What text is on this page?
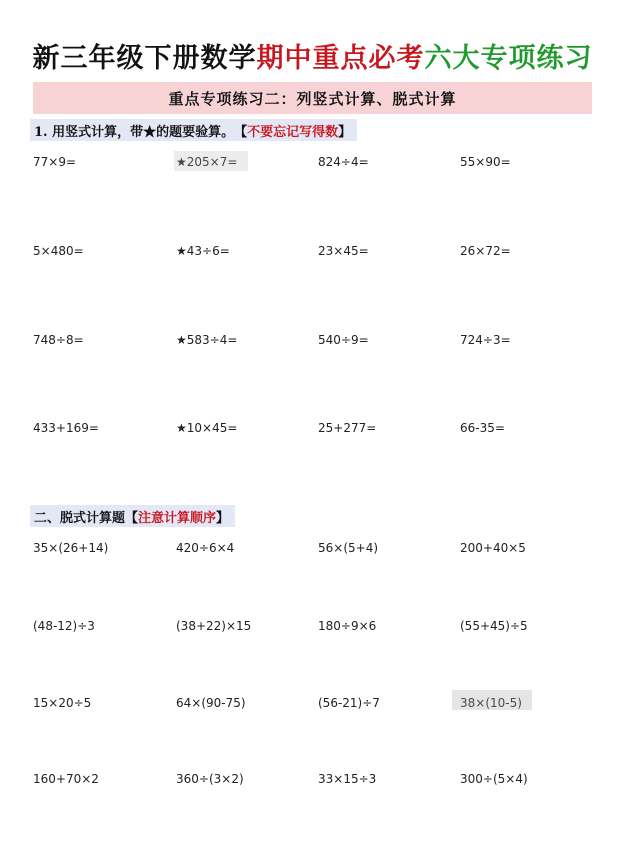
新三年级下册数学期中重点必考六大专项练习
重点专项练习二：列竖式计算、脱式计算
1. 用竖式计算，带★的题要验算。 【 不要忘记写得数 】
77×9=	★205×7=	824÷4=	55×90=
5×480=	★43÷6=	23×45=	26×72=
748÷8=	★583÷4=	540÷9=	724÷3=
433+169=	★10×45=	25+277=	66-35=
二、脱式计算题 【 注意计算顺序 】
35×(26+14)	420÷6×4	56×(5+4)	200+40×5
(48-12)÷3	(38+22)×15	180÷9×6	(55+45)÷5
15×20÷5	64×(90-75)	(56-21)÷7	38×(10-5)
160+70×2	360÷(3×2)	33×15÷3	300÷(5×4)
